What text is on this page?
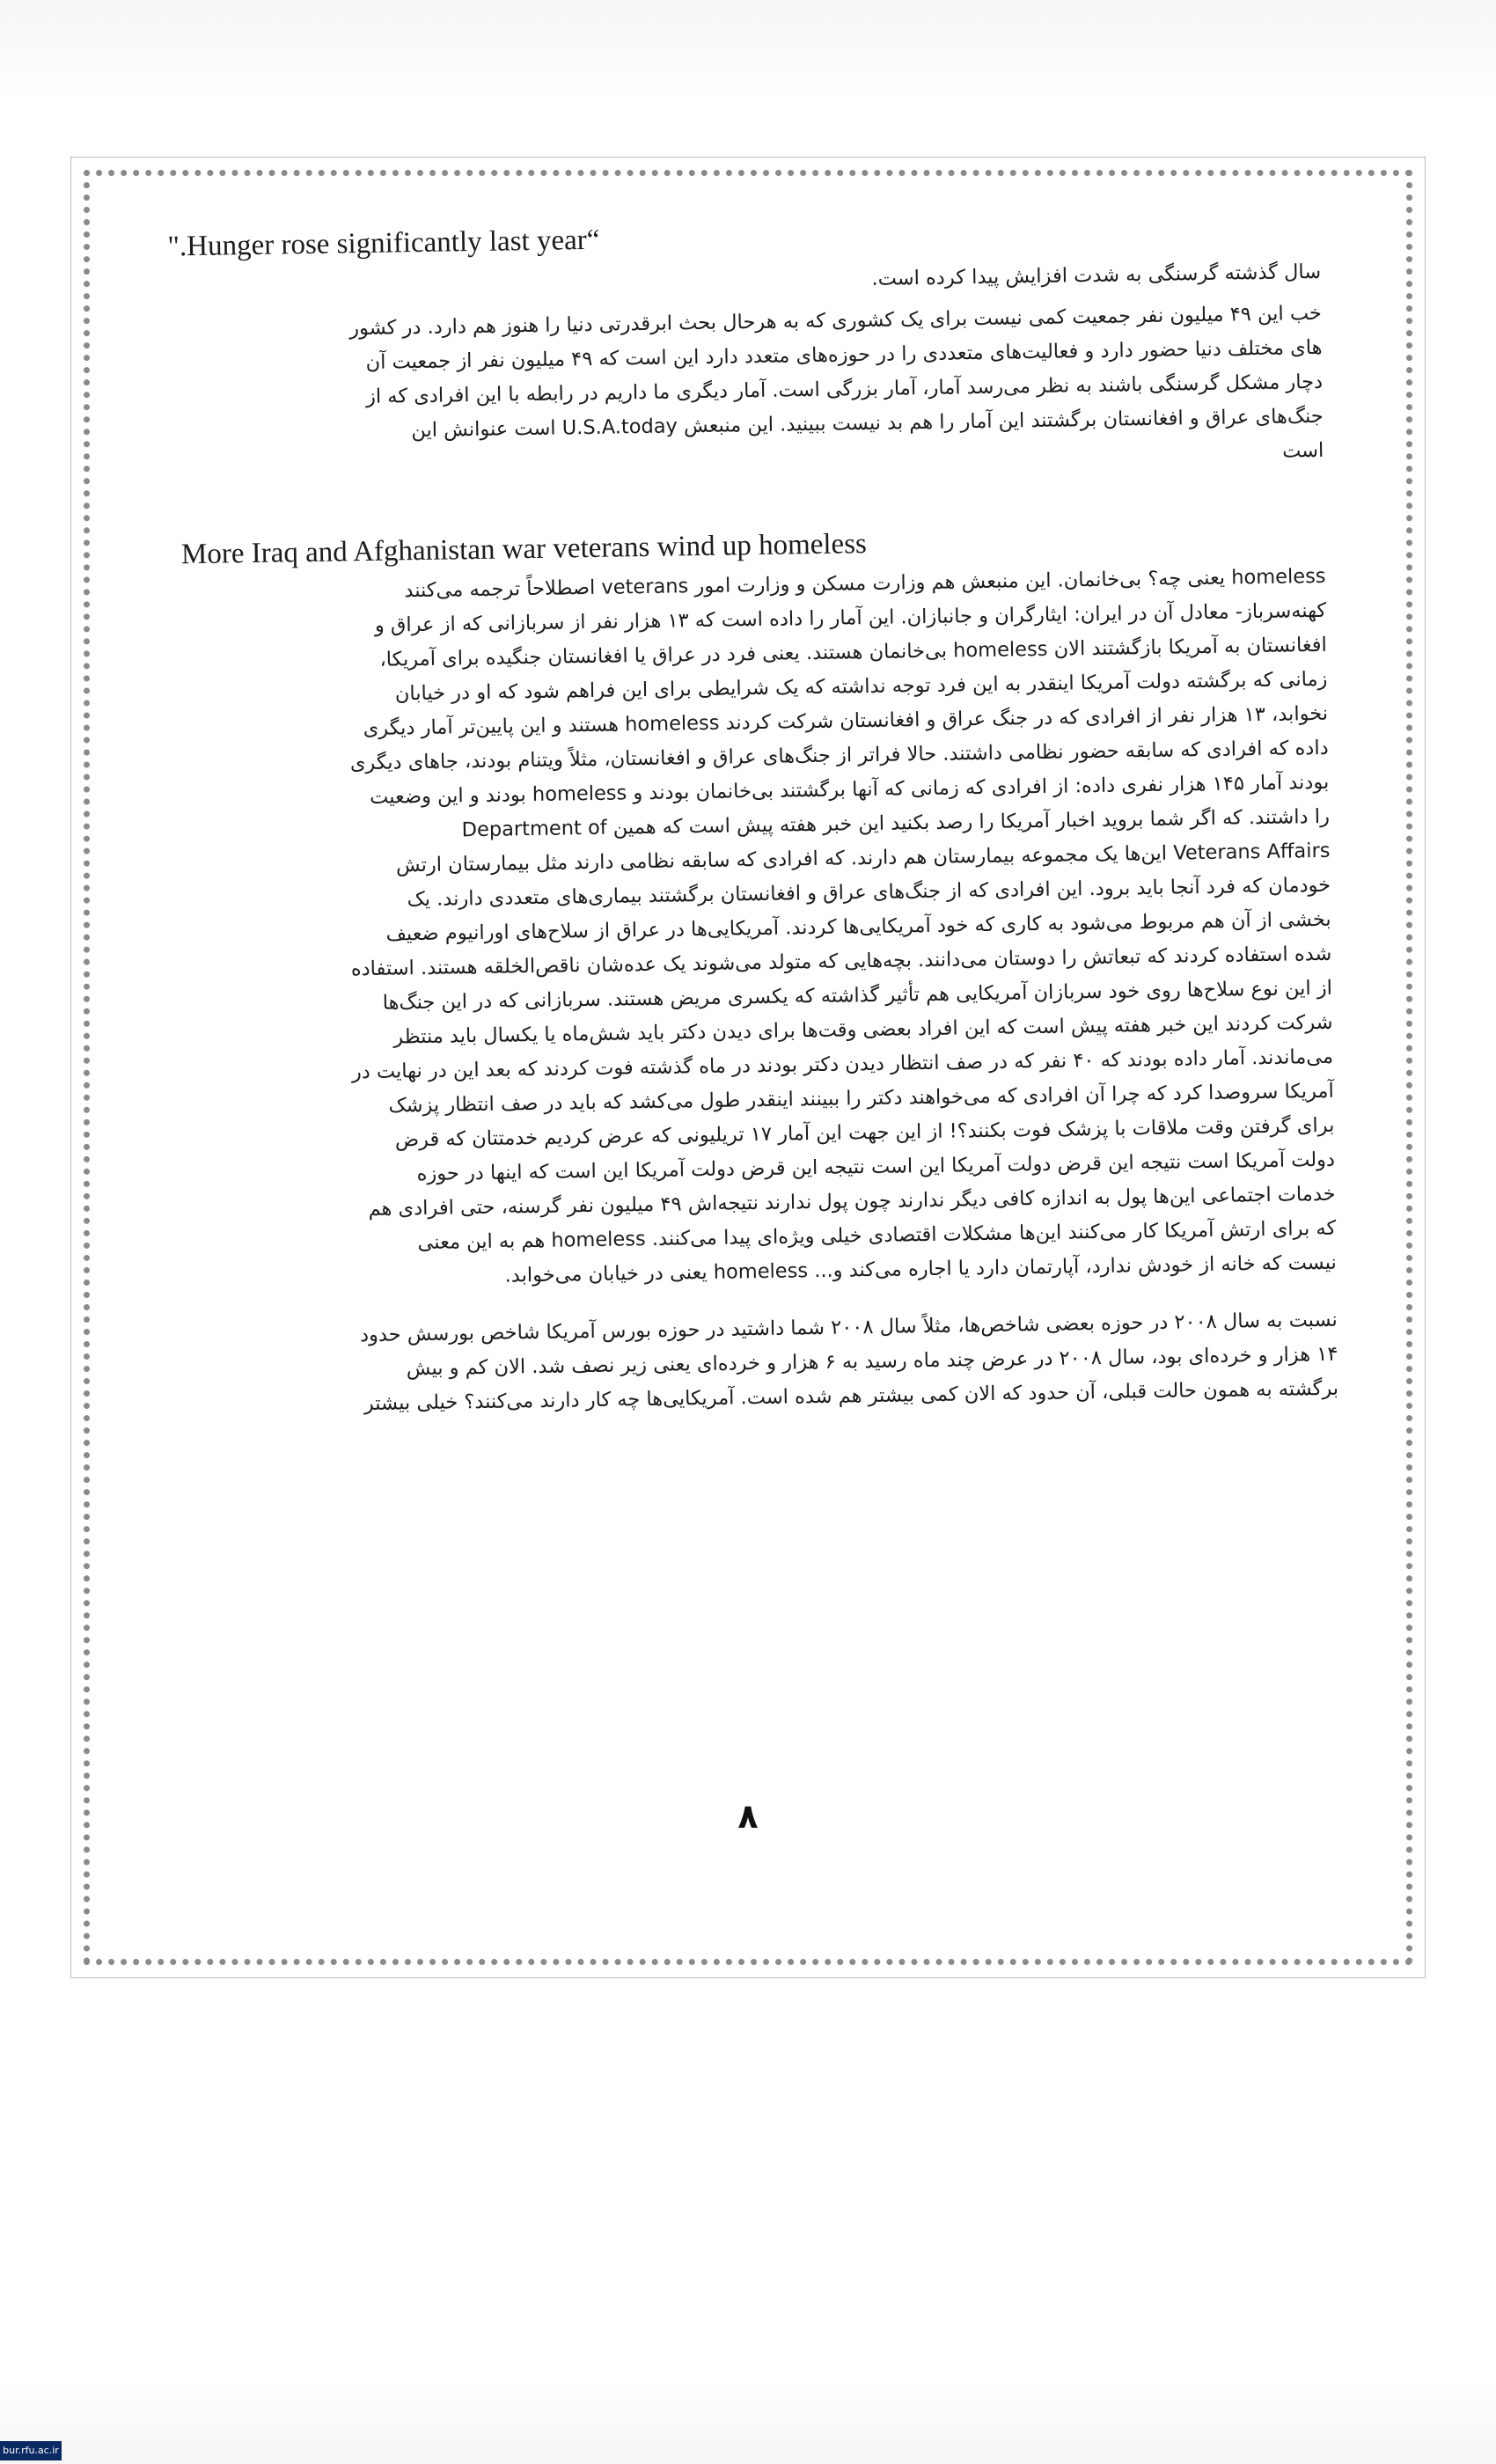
".Hunger rose significantly last year“

سال گذشته گرسنگی به شدت افزایش پیدا کرده است.

خب این ۴۹ میلیون نفر جمعیت کمی نیست برای یک کشوری که به هرحال بحث ابرقدرتی دنیا را هنوز هم دارد. در کشور

های مختلف دنیا حضور دارد و فعالیت‌های متعددی را در حوزه‌های متعدد دارد این است که ۴۹ میلیون نفر از جمعیت آن

دچار مشکل گرسنگی باشند به نظر می‌رسد آمار، آمار بزرگی است. آمار دیگری ما داریم در رابطه با این افرادی که از

جنگ‌های عراق و افغانستان برگشتند این آمار را هم بد نیست ببینید. این منبعش U.S.A.today است عنوانش این

است

More Iraq and Afghanistan war veterans wind up homeless

homeless یعنی چه؟ بی‌خانمان. این منبعش هم وزارت مسکن و وزارت امور veterans اصطلاحاً ترجمه می‌کنند

کهنه‌سرباز- معادل آن در ایران: ایثارگران و جانبازان. این آمار را داده است که ۱۳ هزار نفر از سربازانی که از عراق و

افغانستان به آمریکا بازگشتند الان homeless بی‌خانمان هستند. یعنی فرد در عراق یا افغانستان جنگیده برای آمریکا،

زمانی که برگشته دولت آمریکا اینقدر به این فرد توجه نداشته که یک شرایطی برای این فراهم شود که او در خیابان

نخوابد، ۱۳ هزار نفر از افرادی که در جنگ عراق و افغانستان شرکت کردند homeless هستند و این پایین‌تر آمار دیگری

داده که افرادی که سابقه حضور نظامی داشتند. حالا فراتر از جنگ‌های عراق و افغانستان، مثلاً ویتنام بودند، جاهای دیگری

بودند آمار ۱۴۵ هزار نفری داده: از افرادی که زمانی که آنها برگشتند بی‌خانمان بودند و homeless بودند و این وضعیت

را داشتند. که اگر شما بروید اخبار آمریکا را رصد بکنید این خبر هفته پیش است که همین Department of

Veterans Affairs این‌ها یک مجموعه بیمارستان هم دارند. که افرادی که سابقه نظامی دارند مثل بیمارستان ارتش

خودمان که فرد آنجا باید برود. این افرادی که از جنگ‌های عراق و افغانستان برگشتند بیماری‌های متعددی دارند. یک

بخشی از آن هم مربوط می‌شود به کاری که خود آمریکایی‌ها کردند. آمریکایی‌ها در عراق از سلاح‌های اورانیوم ضعیف

شده استفاده کردند که تبعاتش را دوستان می‌دانند. بچه‌هایی که متولد می‌شوند یک عده‌شان ناقص‌الخلقه هستند. استفاده

از این نوع سلاح‌ها روی خود سربازان آمریکایی هم تأثیر گذاشته که یکسری مریض هستند. سربازانی که در این جنگ‌ها

شرکت کردند این خبر هفته پیش است که این افراد بعضی وقت‌ها برای دیدن دکتر باید شش‌ماه یا یکسال باید منتظر

می‌ماندند. آمار داده بودند که ۴۰ نفر که در صف انتظار دیدن دکتر بودند در ماه گذشته فوت کردند که بعد این در نهایت در

آمریکا سروصدا کرد که چرا آن افرادی که می‌خواهند دکتر را ببینند اینقدر طول می‌کشد که باید در صف انتظار پزشک

برای گرفتن وقت ملاقات با پزشک فوت بکنند؟! از این جهت این آمار ۱۷ تریلیونی که عرض کردیم خدمتتان که قرض

دولت آمریکا است نتیجه این قرض دولت آمریکا این است نتیجه این قرض دولت آمریکا این است که اینها در حوزه

خدمات اجتماعی این‌ها پول به اندازه کافی دیگر ندارند چون پول ندارند نتیجه‌اش ۴۹ میلیون نفر گرسنه، حتی افرادی هم

که برای ارتش آمریکا کار می‌کنند این‌ها مشکلات اقتصادی خیلی ویژه‌ای پیدا می‌کنند. homeless هم به این معنی

نیست که خانه از خودش ندارد، آپارتمان دارد یا اجاره می‌کند و... homeless یعنی در خیابان می‌خوابد.

نسبت به سال ۲۰۰۸ در حوزه بعضی شاخص‌ها، مثلاً سال ۲۰۰۸ شما داشتید در حوزه بورس آمریکا شاخص بورسش حدود

۱۴ هزار و خرده‌ای بود، سال ۲۰۰۸ در عرض چند ماه رسید به ۶ هزار و خرده‌ای یعنی زیر نصف شد. الان کم و بیش

برگشته به همون حالت قبلی، آن حدود که الان کمی بیشتر هم شده است. آمریکایی‌ها چه کار دارند می‌کنند؟ خیلی بیشتر

۸
bur.rfu.ac.ir
